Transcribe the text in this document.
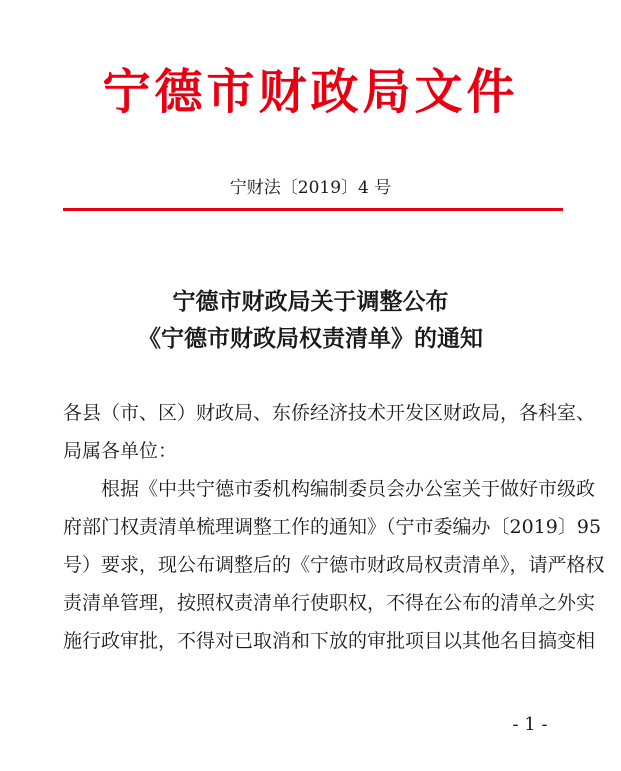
宁德市财政局文件
宁财法〔2019〕4 号
宁德市财政局关于调整公布
《宁德市财政局权责清单》的通知
各县（市、区）财政局、东侨经济技术开发区财政局，各科室、
局属各单位：
　　根据《中共宁德市委机构编制委员会办公室关于做好市级政
府部门权责清单梳理调整工作的通知》（宁市委编办〔2019〕95
号）要求，现公布调整后的《宁德市财政局权责清单》，请严格权
责清单管理，按照权责清单行使职权，不得在公布的清单之外实
施行政审批，不得对已取消和下放的审批项目以其他名目搞变相
- 1 -
